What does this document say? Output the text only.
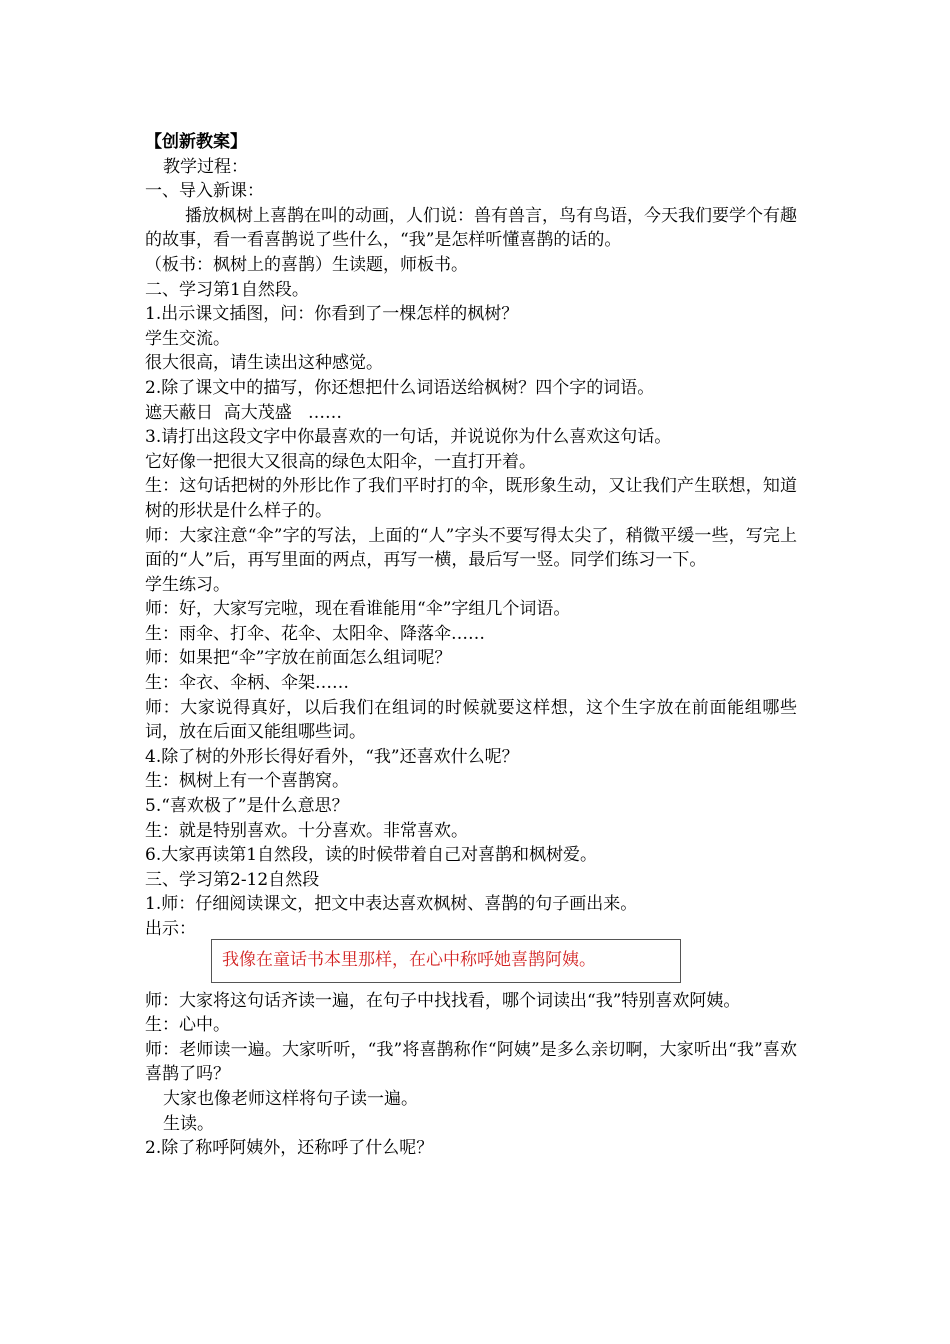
【创新教案】
教学过程：
一、导入新课：
播放枫树上喜鹊在叫的动画，人们说：兽有兽言，鸟有鸟语，今天我们要学个有趣的故事，看一看喜鹊说了些什么，“我”是怎样听懂喜鹊的话的。
（板书：枫树上的喜鹊）生读题，师板书。
二、学习第1自然段。
1.出示课文插图，问：你看到了一棵怎样的枫树？
学生交流。
很大很高，请生读出这种感觉。
2.除了课文中的描写，你还想把什么词语送给枫树？四个字的词语。
遮天蔽日  高大茂盛   ……
3.请打出这段文字中你最喜欢的一句话，并说说你为什么喜欢这句话。
它好像一把很大又很高的绿色太阳伞，一直打开着。
生：这句话把树的外形比作了我们平时打的伞，既形象生动，又让我们产生联想，知道树的形状是什么样子的。
师：大家注意“伞”字的写法，上面的“人”字头不要写得太尖了，稍微平缓一些，写完上面的“人”后，再写里面的两点，再写一横，最后写一竖。同学们练习一下。
学生练习。
师：好，大家写完啦，现在看谁能用“伞”字组几个词语。
生：雨伞、打伞、花伞、太阳伞、降落伞……
师：如果把“伞”字放在前面怎么组词呢？
生：伞衣、伞柄、伞架……
师：大家说得真好，以后我们在组词的时候就要这样想，这个生字放在前面能组哪些词，放在后面又能组哪些词。
4.除了树的外形长得好看外，“我”还喜欢什么呢？
生：枫树上有一个喜鹊窝。
5.“喜欢极了”是什么意思？
生：就是特别喜欢。十分喜欢。非常喜欢。
6.大家再读第1自然段，读的时候带着自己对喜鹊和枫树爱。
三、学习第2-12自然段
1.师：仔细阅读课文，把文中表达喜欢枫树、喜鹊的句子画出来。
出示：
我像在童话书本里那样，在心中称呼她喜鹊阿姨。
师：大家将这句话齐读一遍，在句子中找找看，哪个词读出“我”特别喜欢阿姨。
生：心中。
师：老师读一遍。大家听听，“我”将喜鹊称作“阿姨”是多么亲切啊，大家听出“我”喜欢喜鹊了吗？
大家也像老师这样将句子读一遍。
生读。
2.除了称呼阿姨外，还称呼了什么呢？
